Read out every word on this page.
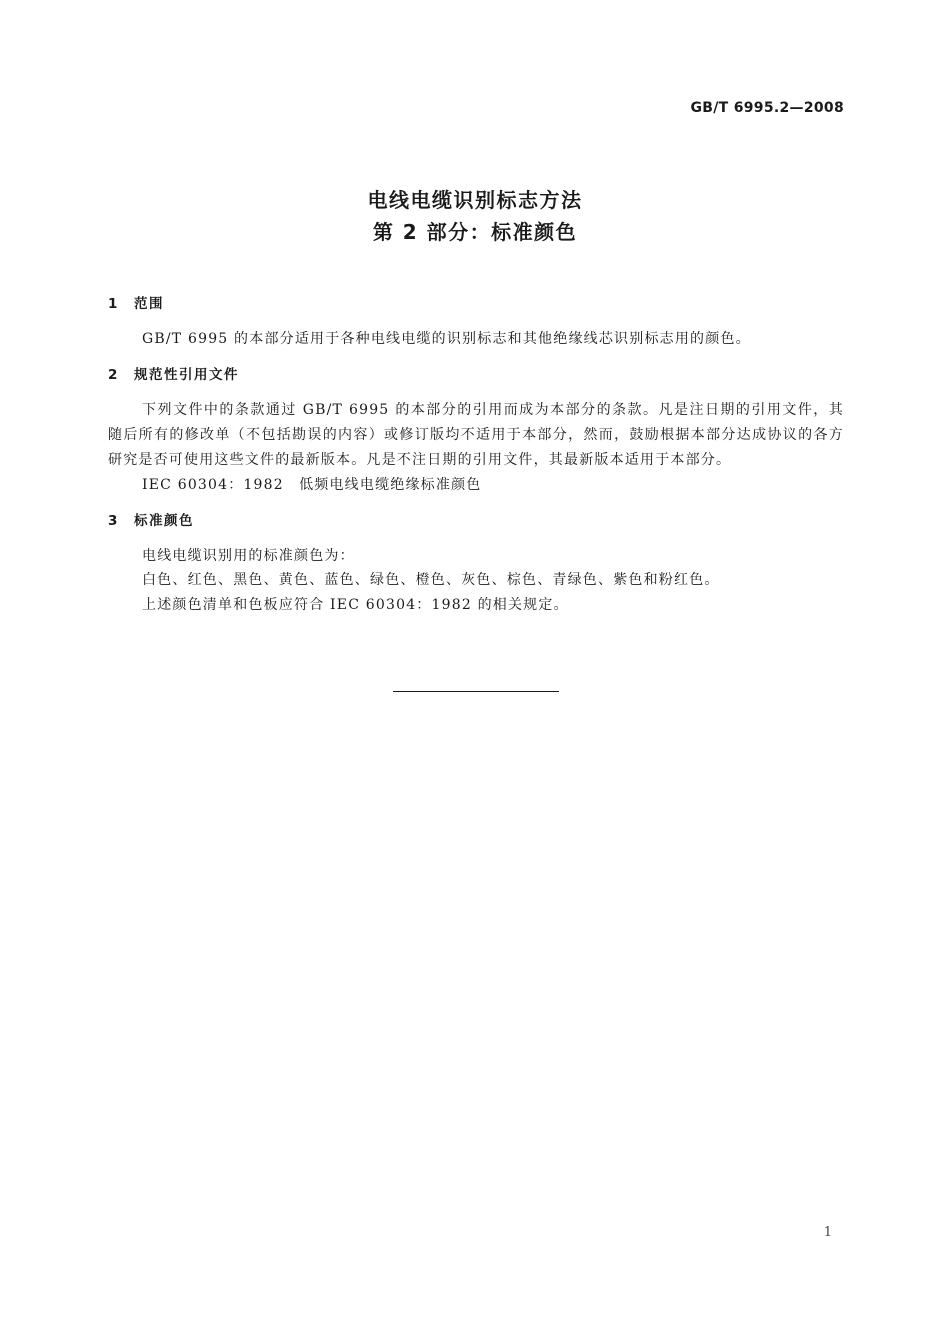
GB/T 6995.2—2008
电线电缆识别标志方法
第 2 部分：标准颜色
1 范围
GB/T 6995 的本部分适用于各种电线电缆的识别标志和其他绝缘线芯识别标志用的颜色。
2 规范性引用文件
下列文件中的条款通过 GB/T 6995 的本部分的引用而成为本部分的条款。凡是注日期的引用文件，其随后所有的修改单（不包括勘误的内容）或修订版均不适用于本部分，然而，鼓励根据本部分达成协议的各方研究是否可使用这些文件的最新版本。凡是不注日期的引用文件，其最新版本适用于本部分。
IEC 60304：1982　低频电线电缆绝缘标准颜色
3 标准颜色
电线电缆识别用的标准颜色为：
白色、红色、黑色、黄色、蓝色、绿色、橙色、灰色、棕色、青绿色、紫色和粉红色。
上述颜色清单和色板应符合 IEC 60304：1982 的相关规定。
1
